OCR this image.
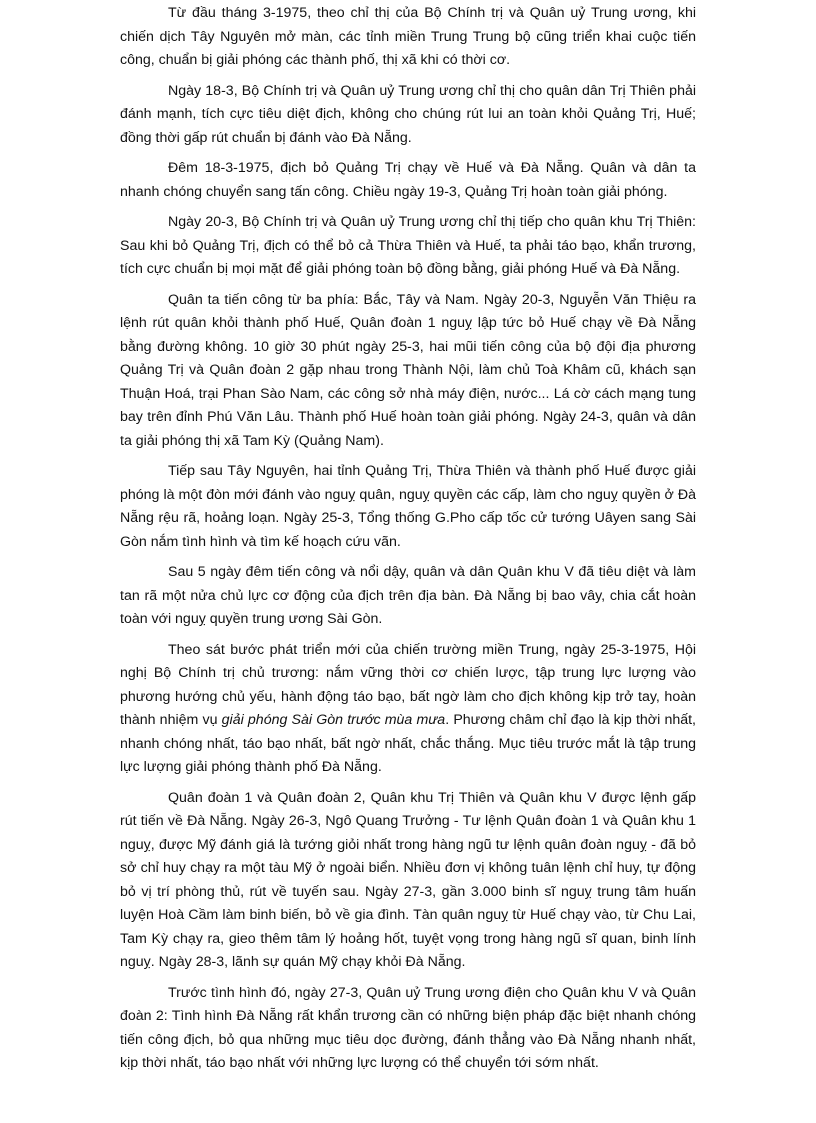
Từ đầu tháng 3-1975, theo chỉ thị của Bộ Chính trị và Quân uỷ Trung ương, khi chiến dịch Tây Nguyên mở màn, các tỉnh miền Trung Trung bộ cũng triển khai cuộc tiến công, chuẩn bị giải phóng các thành phố, thị xã khi có thời cơ.

Ngày 18-3, Bộ Chính trị và Quân uỷ Trung ương chỉ thị cho quân dân Trị Thiên phải đánh mạnh, tích cực tiêu diệt địch, không cho chúng rút lui an toàn khỏi Quảng Trị, Huế; đồng thời gấp rút chuẩn bị đánh vào Đà Nẵng.

Đêm 18-3-1975, địch bỏ Quảng Trị chạy về Huế và Đà Nẵng. Quân và dân ta nhanh chóng chuyển sang tấn công. Chiều ngày 19-3, Quảng Trị hoàn toàn giải phóng.

Ngày 20-3, Bộ Chính trị và Quân uỷ Trung ương chỉ thị tiếp cho quân khu Trị Thiên: Sau khi bỏ Quảng Trị, địch có thể bỏ cả Thừa Thiên và Huế, ta phải táo bạo, khẩn trương, tích cực chuẩn bị mọi mặt để giải phóng toàn bộ đồng bằng, giải phóng Huế và Đà Nẵng.

Quân ta tiến công từ ba phía: Bắc, Tây và Nam. Ngày 20-3, Nguyễn Văn Thiệu ra lệnh rút quân khỏi thành phố Huế, Quân đoàn 1 nguỵ lập tức bỏ Huế chạy về Đà Nẵng bằng đường không. 10 giờ 30 phút ngày 25-3, hai mũi tiến công của bộ đội địa phương Quảng Trị và Quân đoàn 2 gặp nhau trong Thành Nội, làm chủ Toà Khâm cũ, khách sạn Thuận Hoá, trại Phan Sào Nam, các công sở nhà máy điện, nước... Lá cờ cách mạng tung bay trên đỉnh Phú Văn Lâu. Thành phố Huế hoàn toàn giải phóng. Ngày 24-3, quân và dân ta giải phóng thị xã Tam Kỳ (Quảng Nam).

Tiếp sau Tây Nguyên, hai tỉnh Quảng Trị, Thừa Thiên và thành phố Huế được giải phóng là một đòn mới đánh vào nguỵ quân, nguỵ quyền các cấp, làm cho nguỵ quyền ở Đà Nẵng rệu rã, hoảng loạn. Ngày 25-3, Tổng thống G.Pho cấp tốc cử tướng Uâyen sang Sài Gòn nắm tình hình và tìm kế hoạch cứu vãn.

Sau 5 ngày đêm tiến công và nổi dậy, quân và dân Quân khu V đã tiêu diệt và làm tan rã một nửa chủ lực cơ động của địch trên địa bàn. Đà Nẵng bị bao vây, chia cắt hoàn toàn với nguỵ quyền trung ương Sài Gòn.

Theo sát bước phát triển mới của chiến trường miền Trung, ngày 25-3-1975, Hội nghị Bộ Chính trị chủ trương: nắm vững thời cơ chiến lược, tập trung lực lượng vào phương hướng chủ yếu, hành động táo bạo, bất ngờ làm cho địch không kịp trở tay, hoàn thành nhiệm vụ giải phóng Sài Gòn trước mùa mưa. Phương châm chỉ đạo là kịp thời nhất, nhanh chóng nhất, táo bạo nhất, bất ngờ nhất, chắc thắng. Mục tiêu trước mắt là tập trung lực lượng giải phóng thành phố Đà Nẵng.

Quân đoàn 1 và Quân đoàn 2, Quân khu Trị Thiên và Quân khu V được lệnh gấp rút tiến về Đà Nẵng. Ngày 26-3, Ngô Quang Trưởng - Tư lệnh Quân đoàn 1 và Quân khu 1 nguỵ, được Mỹ đánh giá là tướng giỏi nhất trong hàng ngũ tư lệnh quân đoàn nguỵ - đã bỏ sở chỉ huy chạy ra một tàu Mỹ ở ngoài biển. Nhiều đơn vị không tuân lệnh chỉ huy, tự động bỏ vị trí phòng thủ, rút về tuyến sau. Ngày 27-3, gần 3.000 binh sĩ nguỵ trung tâm huấn luyện Hoà Cầm làm binh biến, bỏ về gia đình. Tàn quân nguỵ từ Huế chạy vào, từ Chu Lai, Tam Kỳ chạy ra, gieo thêm tâm lý hoảng hốt, tuyệt vọng trong hàng ngũ sĩ quan, binh lính nguỵ. Ngày 28-3, lãnh sự quán Mỹ chạy khỏi Đà Nẵng.

Trước tình hình đó, ngày 27-3, Quân uỷ Trung ương điện cho Quân khu V và Quân đoàn 2: Tình hình Đà Nẵng rất khẩn trương cần có những biện pháp đặc biệt nhanh chóng tiến công địch, bỏ qua những mục tiêu dọc đường, đánh thẳng vào Đà Nẵng nhanh nhất, kịp thời nhất, táo bạo nhất với những lực lượng có thể chuyển tới sớm nhất.
